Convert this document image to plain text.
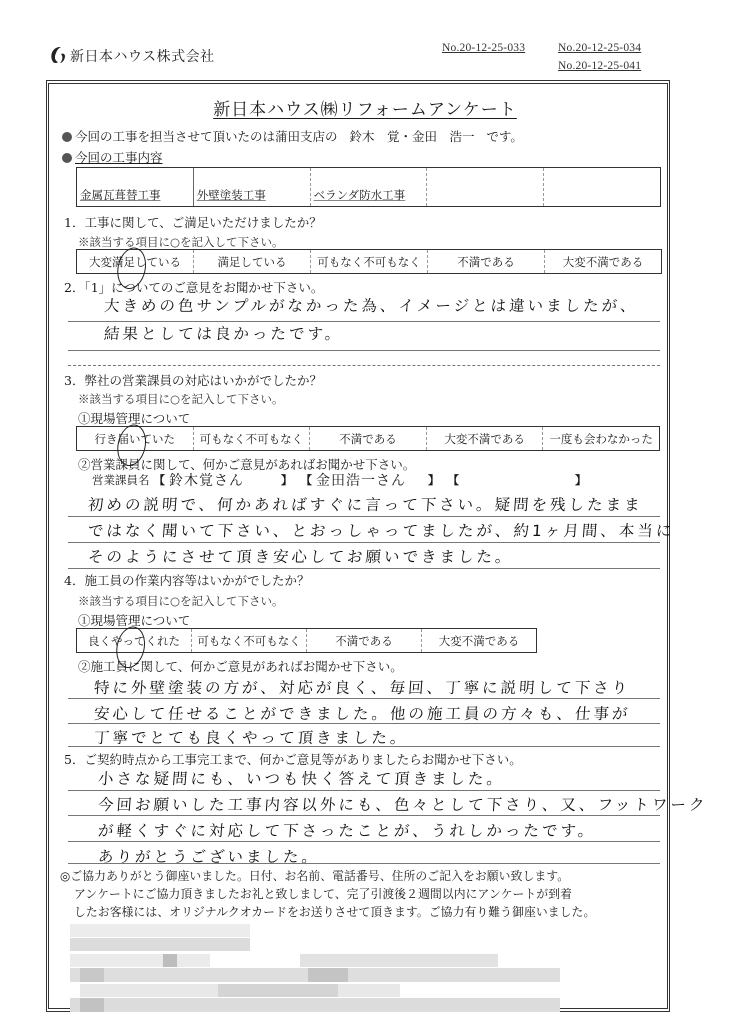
新日本ハウス株式会社
No.20-12-25-033	No.20-12-25-034
No.20-12-25-041
新日本ハウス㈱リフォームアンケート
今回の工事を担当させて頂いたのは蒲田支店の 鈴木　覚・金田　浩一 です。
今回の工事内容
金属瓦葺替工事	外壁塗装工事	ベランダ防水工事
1．工事に関して、ご満足いただけましたか？
※該当する項目に○を記入して下さい。
大変満足している	満足している	可もなく不可もなく	不満である	大変不満である
2．「1」についてのご意見をお聞かせ下さい。
大きめの色サンプルがなかった為、イメージとは違いましたが、
結果としては良かったです。
3．弊社の営業課員の対応はいかがでしたか？
※該当する項目に○を記入して下さい。
①現場管理について
行き届いていた	可もなく不可もなく	不満である	大変不満である	一度も会わなかった
②営業課員に関して、何かご意見があればお聞かせ下さい。
営業課員名 【 鈴木覚さん	】 【 金田浩一さん	】 【	】
初めの説明で、何かあればすぐに言って下さい。疑問を残したまま
ではなく聞いて下さい、とおっしゃってましたが、約1ヶ月間、本当に
そのようにさせて頂き安心してお願いできました。
4．施工員の作業内容等はいかがでしたか？
※該当する項目に○を記入して下さい。
①現場管理について
良くやってくれた	可もなく不可もなく	不満である	大変不満である
②施工員に関して、何かご意見があればお聞かせ下さい。
特に外壁塗装の方が、対応が良く、毎回、丁寧に説明して下さり
安心して任せることができました。他の施工員の方々も、仕事が
丁寧でとても良くやって頂きました。
5．ご契約時点から工事完工まで、何かご意見等がありましたらお聞かせ下さい。
小さな疑問にも、いつも快く答えて頂きました。
今回お願いした工事内容以外にも、色々として下さり、又、フットワーク
が軽くすぐに対応して下さったことが、うれしかったです。
ありがとうございました。
◎ご協力ありがとう御座いました。日付、お名前、電話番号、住所のご記入をお願い致します。
アンケートにご協力頂きましたお礼と致しまして、完了引渡後２週間以内にアンケートが到着
したお客様には、オリジナルクオカードをお送りさせて頂きます。ご協力有り難う御座いました。
